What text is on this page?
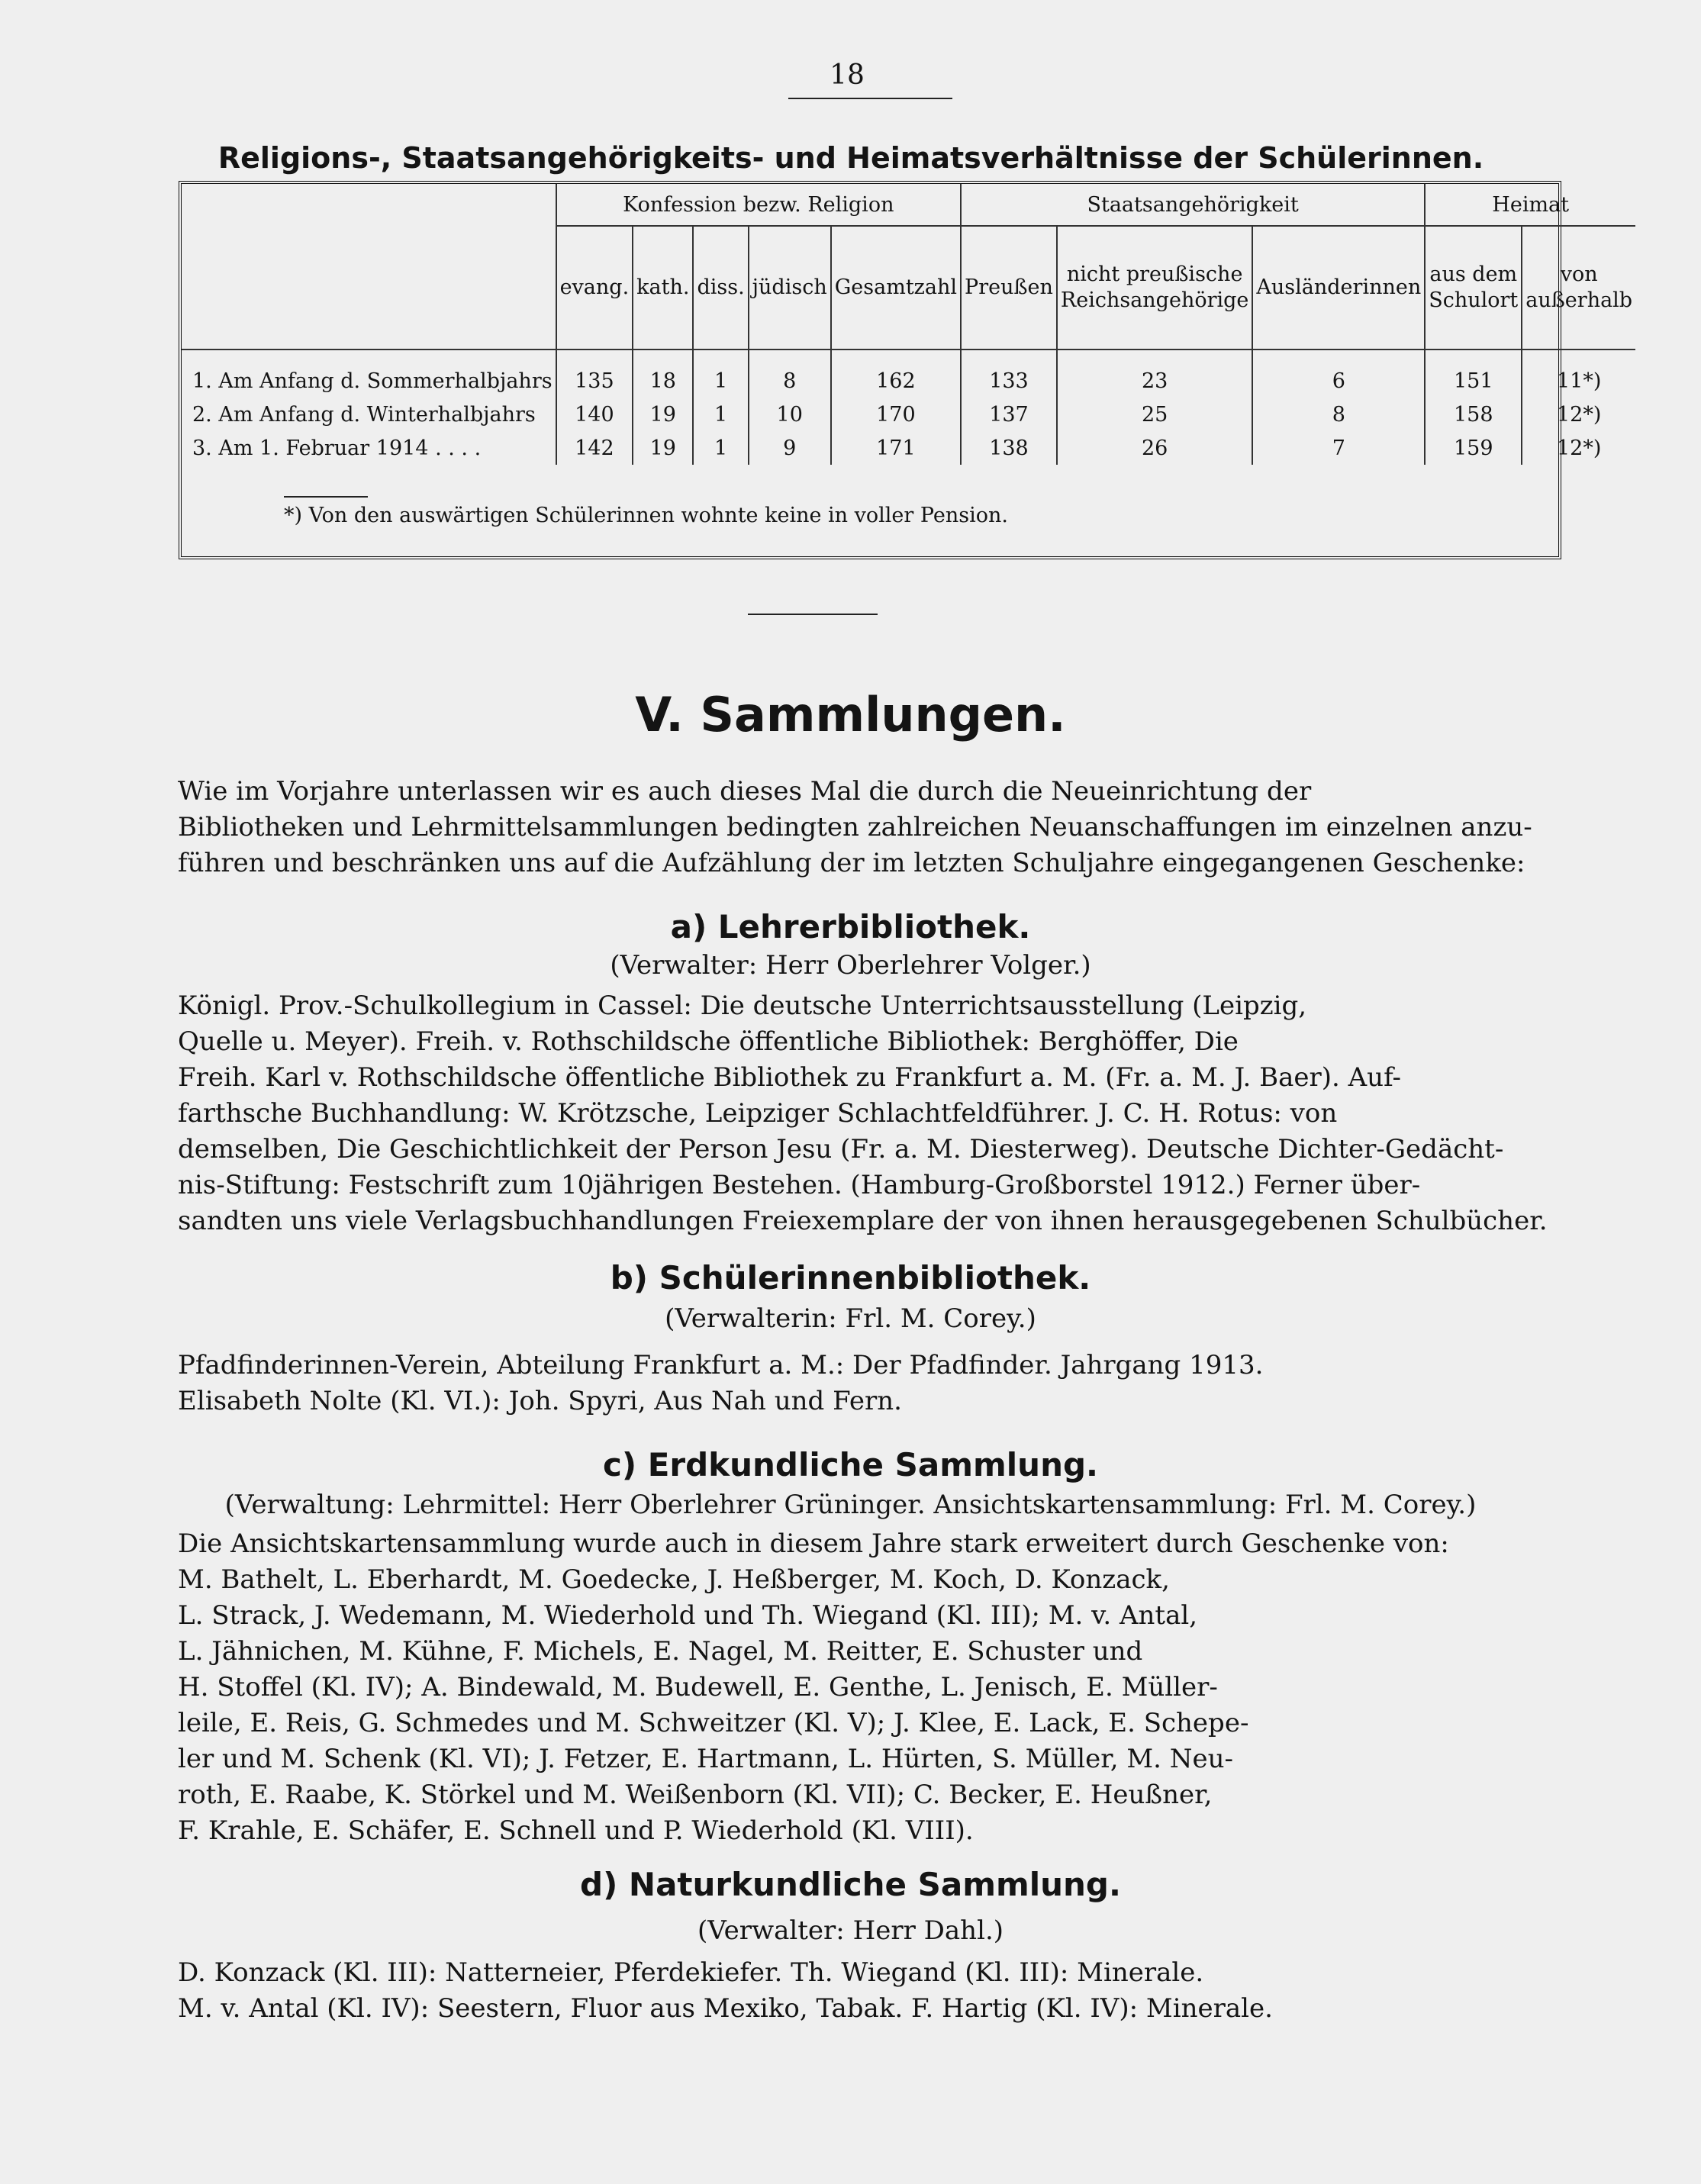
18
Religions-, Staatsangehörigkeits- und Heimatsverhältnisse der Schülerinnen.
	Konfession bezw. Religion					Staatsangehörigkeit			Heimat	
	evang.	kath.	diss.	jüdisch	Gesamtzahl	Preußen	nicht preußische Reichsangehörige	Ausländerinnen	aus dem Schulort	von außerhalb
1. Am Anfang d. Sommerhalbjahrs	135	18	1	8	162	133	23	6	151	11*)
2. Am Anfang d. Winterhalbjahrs	140	19	1	10	170	137	25	8	158	12*)
3. Am 1. Februar 1914 . . . .	142	19	1	9	171	138	26	7	159	12*)
*) Von den auswärtigen Schülerinnen wohnte keine in voller Pension.
V. Sammlungen.
Wie im Vorjahre unterlassen wir es auch dieses Mal die durch die Neueinrichtung der
Bibliotheken und Lehrmittelsammlungen bedingten zahlreichen Neuanschaffungen im einzelnen anzu-
führen und beschränken uns auf die Aufzählung der im letzten Schuljahre eingegangenen Geschenke:
a) Lehrerbibliothek.
(Verwalter: Herr Oberlehrer Volger.)
Königl. Prov.-Schulkollegium in Cassel: Die deutsche Unterrichtsausstellung (Leipzig,
Quelle u. Meyer). Freih. v. Rothschildsche öffentliche Bibliothek: Berghöffer, Die
Freih. Karl v. Rothschildsche öffentliche Bibliothek zu Frankfurt a. M. (Fr. a. M. J. Baer). Auf-
farthsche Buchhandlung: W. Krötzsche, Leipziger Schlachtfeldführer. J. C. H. Rotus: von
demselben, Die Geschichtlichkeit der Person Jesu (Fr. a. M. Diesterweg). Deutsche Dichter-Gedächt-
nis-Stiftung: Festschrift zum 10jährigen Bestehen. (Hamburg-Großborstel 1912.) Ferner über-
sandten uns viele Verlagsbuchhandlungen Freiexemplare der von ihnen herausgegebenen Schulbücher.
b) Schülerinnenbibliothek.
(Verwalterin: Frl. M. Corey.)
Pfadfinderinnen-Verein, Abteilung Frankfurt a. M.: Der Pfadfinder. Jahrgang 1913.
Elisabeth Nolte (Kl. VI.): Joh. Spyri, Aus Nah und Fern.
c) Erdkundliche Sammlung.
(Verwaltung: Lehrmittel: Herr Oberlehrer Grüninger. Ansichtskartensammlung: Frl. M. Corey.)
Die Ansichtskartensammlung wurde auch in diesem Jahre stark erweitert durch Geschenke von:
M. Bathelt, L. Eberhardt, M. Goedecke, J. Heßberger, M. Koch, D. Konzack,
L. Strack, J. Wedemann, M. Wiederhold und Th. Wiegand (Kl. III); M. v. Antal,
L. Jähnichen, M. Kühne, F. Michels, E. Nagel, M. Reitter, E. Schuster und
H. Stoffel (Kl. IV); A. Bindewald, M. Budewell, E. Genthe, L. Jenisch, E. Müller-
leile, E. Reis, G. Schmedes und M. Schweitzer (Kl. V); J. Klee, E. Lack, E. Schepe-
ler und M. Schenk (Kl. VI); J. Fetzer, E. Hartmann, L. Hürten, S. Müller, M. Neu-
roth, E. Raabe, K. Störkel und M. Weißenborn (Kl. VII); C. Becker, E. Heußner,
F. Krahle, E. Schäfer, E. Schnell und P. Wiederhold (Kl. VIII).
d) Naturkundliche Sammlung.
(Verwalter: Herr Dahl.)
D. Konzack (Kl. III): Natterneier, Pferdekiefer. Th. Wiegand (Kl. III): Minerale.
M. v. Antal (Kl. IV): Seestern, Fluor aus Mexiko, Tabak. F. Hartig (Kl. IV): Minerale.
